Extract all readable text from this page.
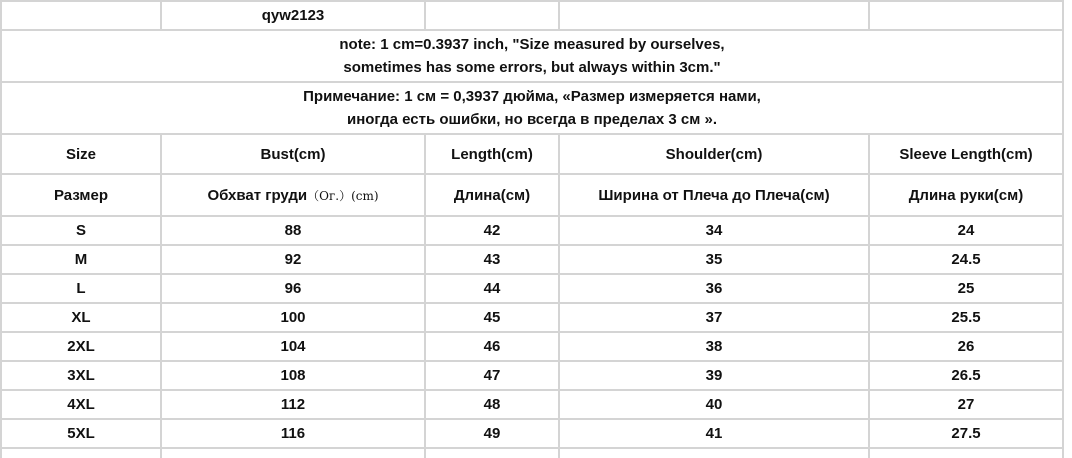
	qyw2123			

note: 1 cm=0.3937 inch, "Size measured by ourselves,
sometimes has some errors, but always within 3cm."				

Примечание: 1 см = 0,3937 дюйма, «Размер измеряется нами,
иногда есть ошибки, но всегда в пределах 3 см ».				

Size	Bust(cm)	Length(cm)	Shoulder(cm)	Sleeve Length(cm)
Размер	Обхват груди（Ог.）(cm)	Длина(см)	Ширина от Плеча до Плеча(см)	Длина руки(см)
S	88	42	34	24
M	92	43	35	24.5
L	96	44	36	25
XL	100	45	37	25.5
2XL	104	46	38	26
3XL	108	47	39	26.5
4XL	112	48	40	27
5XL	116	49	41	27.5
